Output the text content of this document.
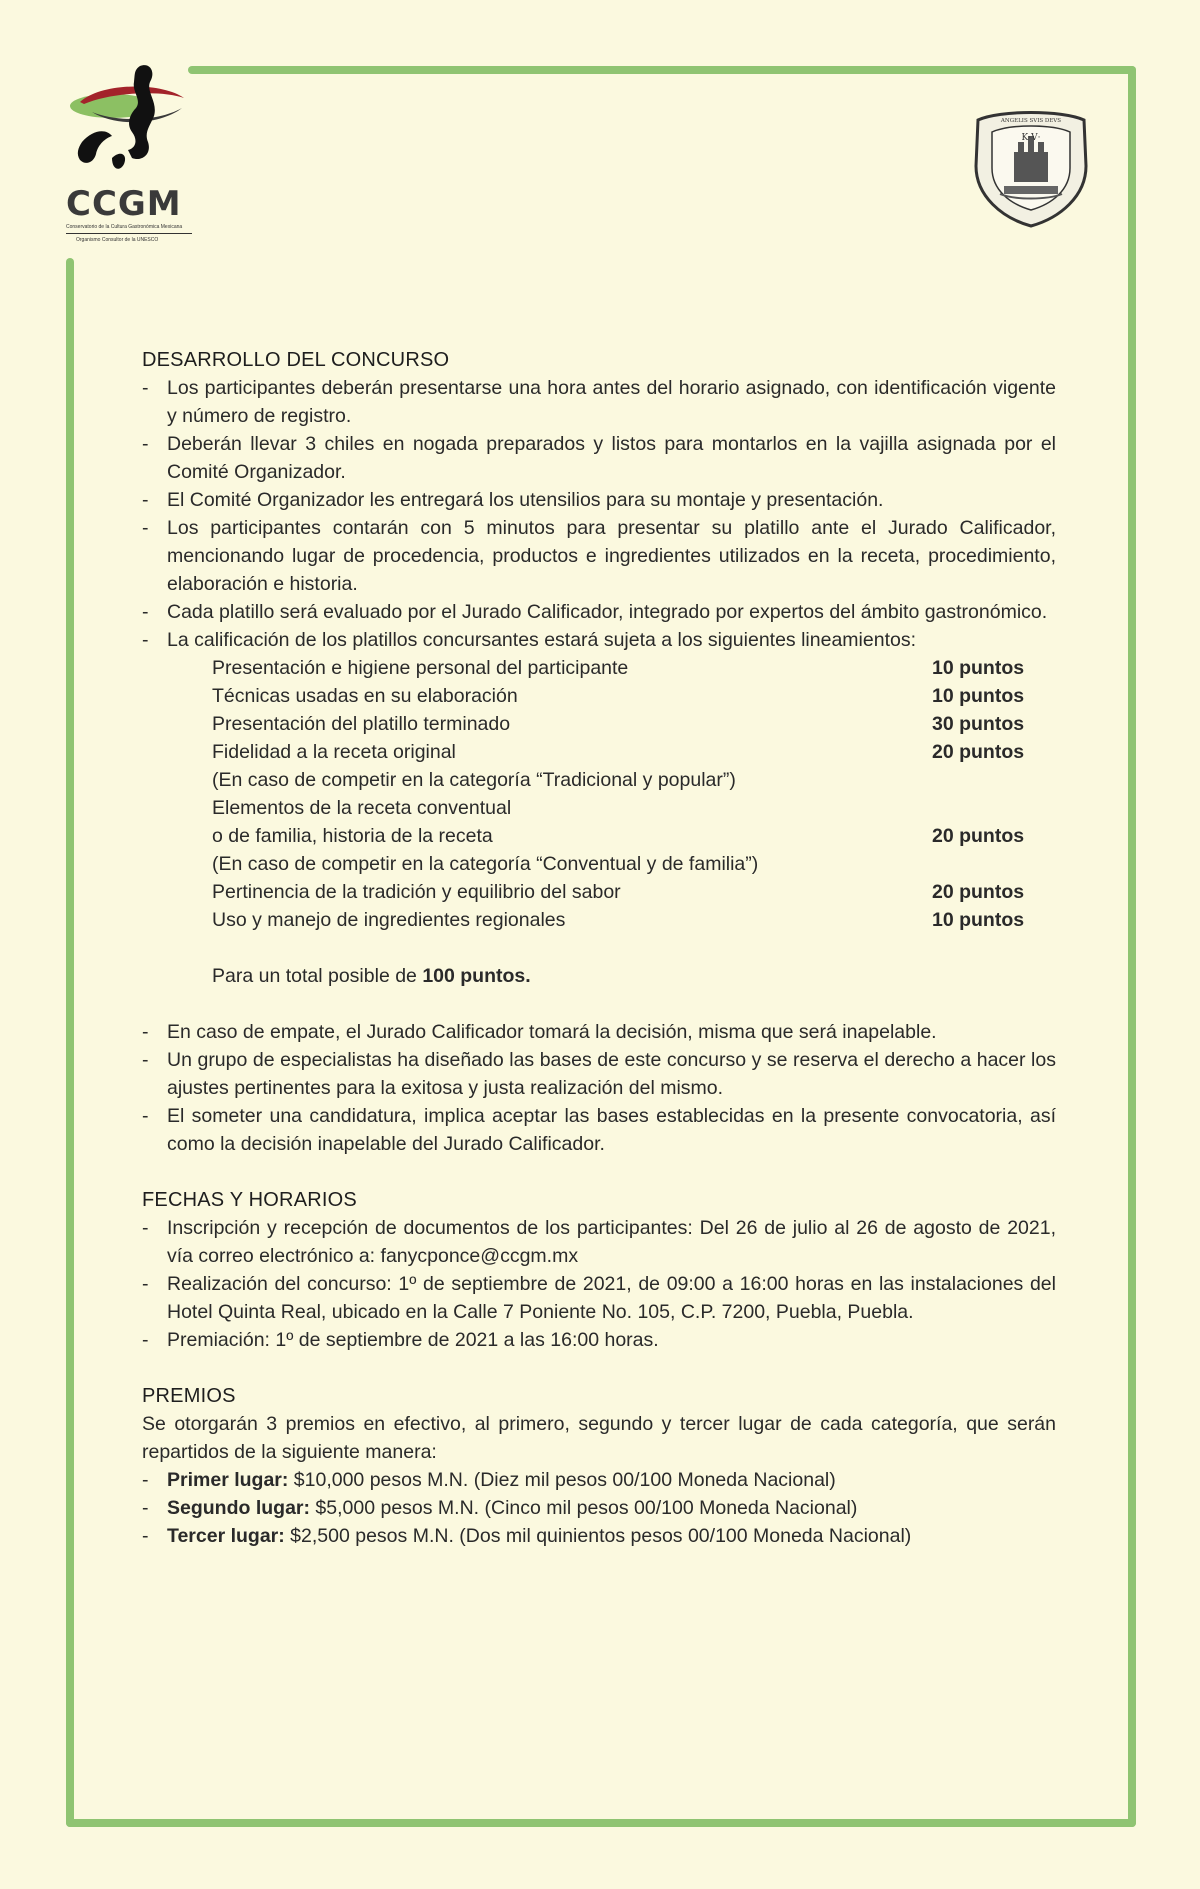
CCGM
Conservatorio de la Cultura Gastronómica Mexicana
Organismo Consultor de la UNESCO
K·V·
ANGELIS SVIS DEVS
DESARROLLO DEL CONCURSO
- Los participantes deberán presentarse una hora antes del horario asignado, con identificación vigente y número de registro.
- Deberán llevar 3 chiles en nogada preparados y listos para montarlos en la vajilla asignada por el Comité Organizador.
- El Comité Organizador les entregará los utensilios para su montaje y presentación.
- Los participantes contarán con 5 minutos para presentar su platillo ante el Jurado Calificador, mencionando lugar de procedencia, productos e ingredientes utilizados en la receta, procedimiento, elaboración e historia.
- Cada platillo será evaluado por el Jurado Calificador, integrado por expertos del ámbito gastronómico.
- La calificación de los platillos concursantes estará sujeta a los siguientes lineamientos:
Presentación e higiene personal del participante	10 puntos
Técnicas usadas en su elaboración	10 puntos
Presentación del platillo terminado	30 puntos
Fidelidad a la receta original	20 puntos
(En caso de competir en la categoría “Tradicional y popular”)
Elementos de la receta conventual
o de familia, historia de la receta	20 puntos
(En caso de competir en la categoría “Conventual y de familia”)
Pertinencia de la tradición y equilibrio del sabor	20 puntos
Uso y manejo de ingredientes regionales	10 puntos
Para un total posible de 100 puntos.
- En caso de empate, el Jurado Calificador tomará la decisión, misma que será inapelable.
- Un grupo de especialistas ha diseñado las bases de este concurso y se reserva el derecho a hacer los ajustes pertinentes para la exitosa y justa realización del mismo.
- El someter una candidatura, implica aceptar las bases establecidas en la presente convocatoria, así como la decisión inapelable del Jurado Calificador.
FECHAS Y HORARIOS
- Inscripción y recepción de documentos de los participantes: Del 26 de julio al 26 de agosto de 2021, vía correo electrónico a: fanycponce@ccgm.mx
- Realización del concurso: 1º de septiembre de 2021, de 09:00 a 16:00 horas en las instalaciones del Hotel Quinta Real, ubicado en la Calle 7 Poniente No. 105, C.P. 7200, Puebla, Puebla.
- Premiación: 1º de septiembre de 2021 a las 16:00 horas.
PREMIOS
Se otorgarán 3 premios en efectivo, al primero, segundo y tercer lugar de cada categoría, que serán repartidos de la siguiente manera:
- Primer lugar: $10,000 pesos M.N. (Diez mil pesos 00/100 Moneda Nacional)
- Segundo lugar: $5,000 pesos M.N. (Cinco mil pesos 00/100 Moneda Nacional)
- Tercer lugar: $2,500 pesos M.N. (Dos mil quinientos pesos 00/100 Moneda Nacional)
